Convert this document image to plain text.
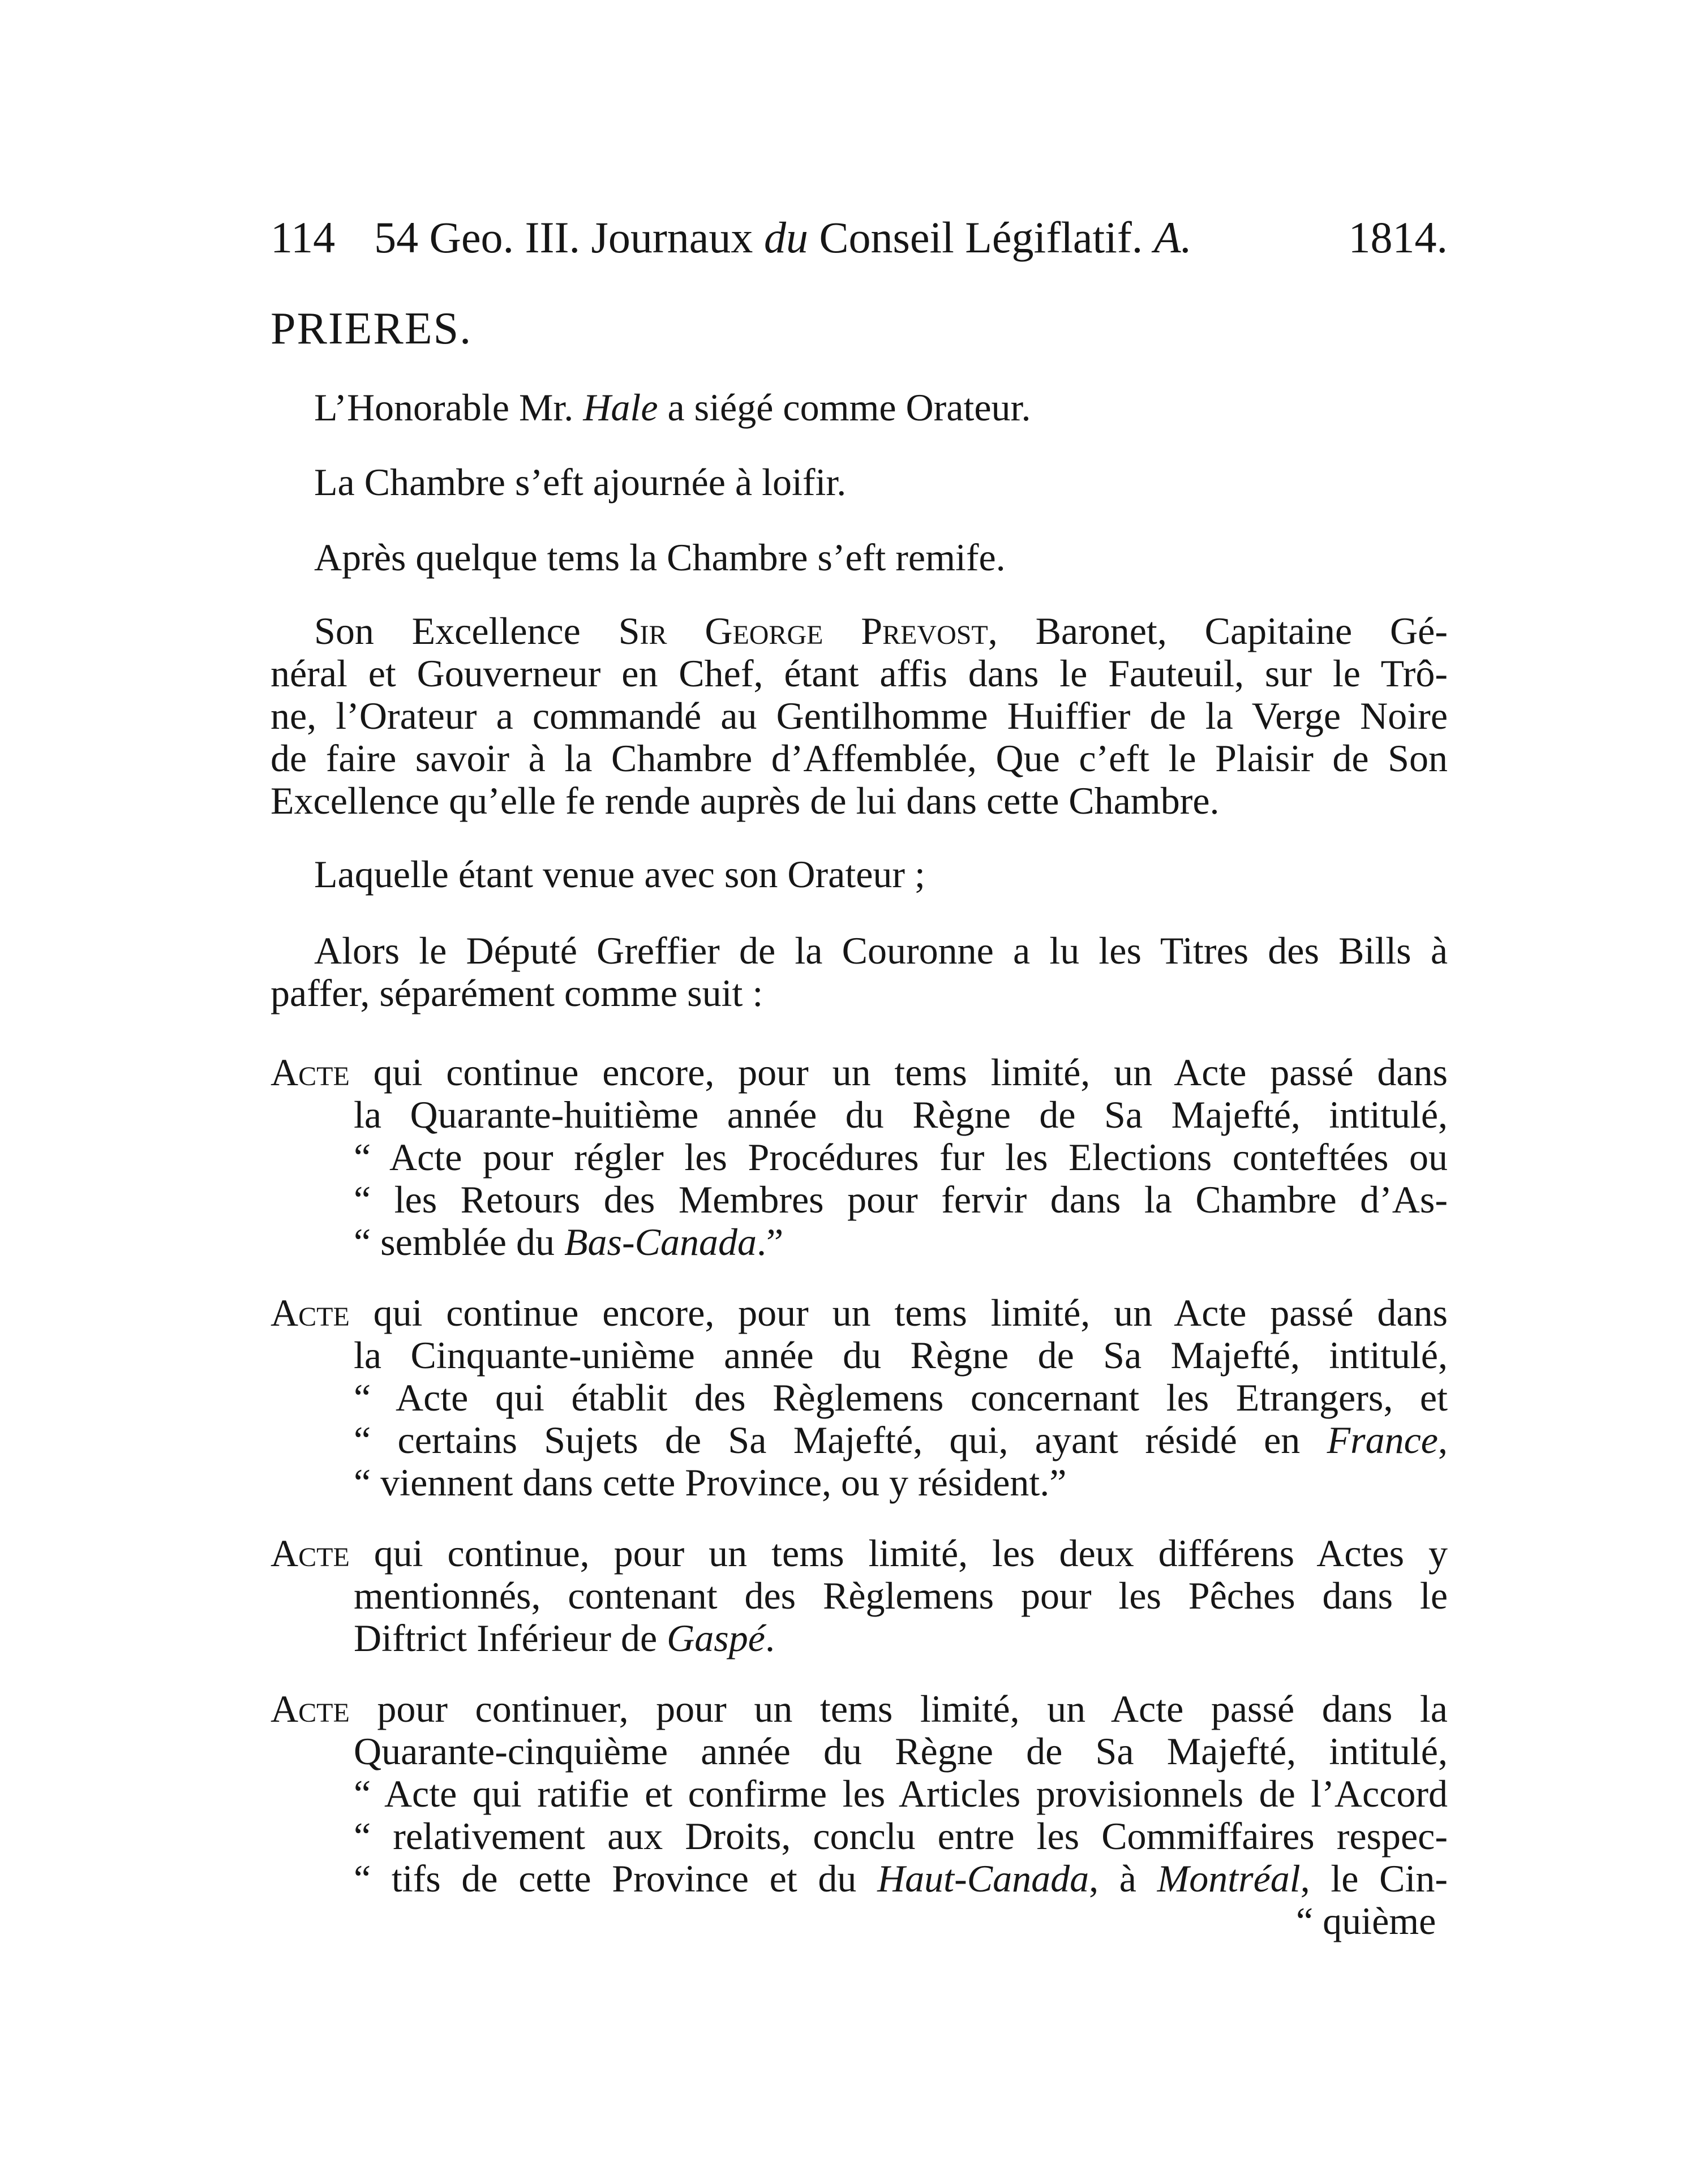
114 54 Geo. III. Journaux du Conseil Légiflatif. A.	1814.
PRIERES.
L’Honorable Mr. Hale a siégé comme Orateur.
La Chambre s’eft ajournée à loifir.
Après quelque tems la Chambre s’eft remife.
Son Excellence Sir George Prevost, Baronet, Capitaine Gé-
néral et Gouverneur en Chef, étant affis dans le Fauteuil, sur le Trô-
ne, l’Orateur a commandé au Gentilhomme Huiffier de la Verge Noire
de faire savoir à la Chambre d’Affemblée, Que c’eft le Plaisir de Son
Excellence qu’elle fe rende auprès de lui dans cette Chambre.
Laquelle étant venue avec son Orateur ;
Alors le Député Greffier de la Couronne a lu les Titres des Bills à
paffer, séparément comme suit :
Acte qui continue encore, pour un tems limité, un Acte passé dans
la Quarante-huitième année du Règne de Sa Majefté, intitulé,
“ Acte pour régler les Procédures fur les Elections conteftées ou
“ les Retours des Membres pour fervir dans la Chambre d’As-
“ semblée du Bas-Canada.”
Acte qui continue encore, pour un tems limité, un Acte passé dans
la Cinquante-unième année du Règne de Sa Majefté, intitulé,
“ Acte qui établit des Règlemens concernant les Etrangers, et
“ certains Sujets de Sa Majefté, qui, ayant résidé en France,
“ viennent dans cette Province, ou y résident.”
Acte qui continue, pour un tems limité, les deux différens Actes y
mentionnés, contenant des Règlemens pour les Pêches dans le
Diftrict Inférieur de Gaspé.
Acte pour continuer, pour un tems limité, un Acte passé dans la
Quarante-cinquième année du Règne de Sa Majefté, intitulé,
“ Acte qui ratifie et confirme les Articles provisionnels de l’Accord
“ relativement aux Droits, conclu entre les Commiffaires respec-
“ tifs de cette Province et du Haut-Canada, à Montréal, le Cin-
“ quième
